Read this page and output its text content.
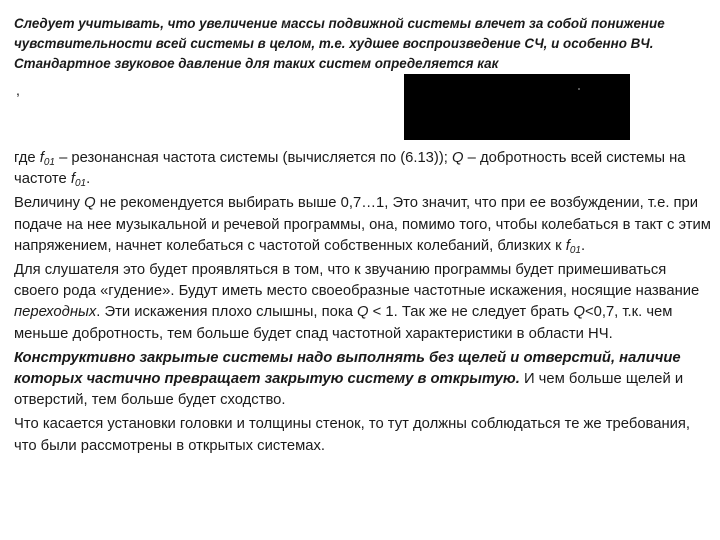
Следует учитывать, что увеличение массы подвижной системы влечет за собой понижение чувствительности всей системы в целом, т.е. худшее воспроизведение СЧ, и особенно ВЧ. Стандартное звуковое давление для таких систем определяется как
,

где $f_{01}$ – резонансная частота системы (вычисляется по (6.13)); Q – добротность всей системы на частоте $f_{01}$.

Величину Q не рекомендуется выбирать выше 0,7…1, Это значит, что при ее возбуждении, т.е. при подаче на нее музыкальной и речевой программы, она, помимо того, чтобы колебаться в такт с этим напряжением, начнет колебаться с частотой собственных колебаний, близких к $f_{01}$.

Для слушателя это будет проявляться в том, что к звучанию программы будет примешиваться своего рода «гудение». Будут иметь место своеобразные частотные искажения, носящие название переходных. Эти искажения плохо слышны, пока Q < 1. Так же не следует брать Q<0,7, т.к. чем меньше добротность, тем больше будет спад частотной характеристики в области НЧ.

Конструктивно закрытые системы надо выполнять без щелей и отверстий, наличие которых частично превращает закрытую систему в открытую. И чем больше щелей и отверстий, тем больше будет сходство.

Что касается установки головки и толщины стенок, то тут должны соблюдаться те же требования, что были рассмотрены в открытых системах.
